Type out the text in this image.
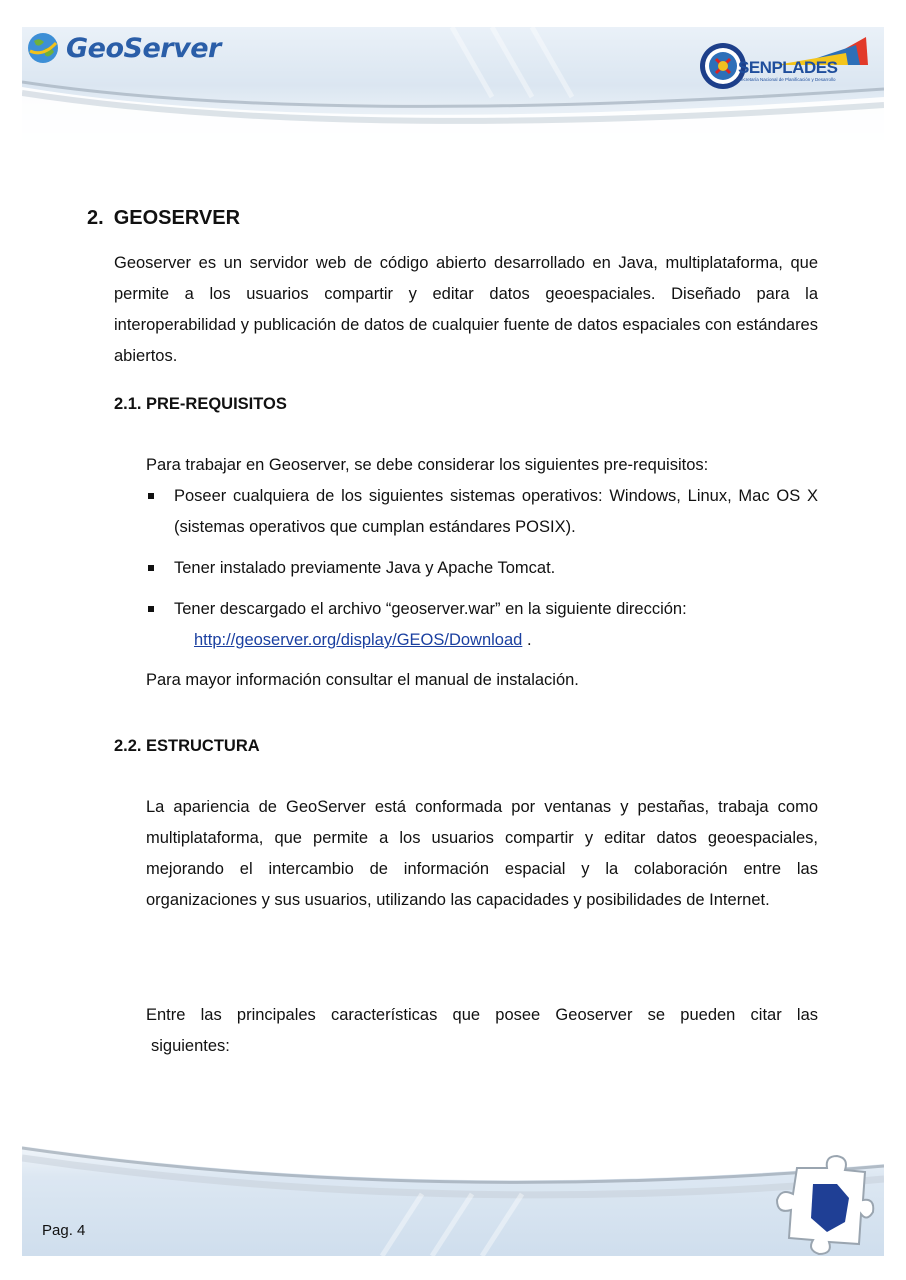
GeoServer
SENPLADES
Secretaría Nacional de Planificación y Desarrollo
2. GEOSERVER
Geoserver es un servidor web de código abierto desarrollado en Java, multiplataforma, que permite a los usuarios compartir y editar datos geoespaciales. Diseñado para la interoperabilidad y publicación de datos de cualquier fuente de datos espaciales con estándares abiertos.
2.1. PRE-REQUISITOS
Para trabajar en Geoserver, se debe considerar los siguientes pre-requisitos:
Poseer cualquiera de los siguientes sistemas operativos: Windows, Linux, Mac OS X (sistemas operativos que cumplan estándares POSIX).
Tener instalado previamente Java y Apache Tomcat.
Tener descargado el archivo “geoserver.war” en la siguiente dirección:
http://geoserver.org/display/GEOS/Download .
Para mayor información consultar el manual de instalación.
2.2. ESTRUCTURA
La apariencia de GeoServer está conformada por ventanas y pestañas, trabaja como multiplataforma, que permite a los usuarios compartir y editar datos geoespaciales, mejorando el intercambio de información espacial y la colaboración entre las organizaciones y sus usuarios, utilizando las capacidades y posibilidades de Internet.
Entre las principales características que posee Geoserver se pueden citar las
siguientes:
Pag. 4
